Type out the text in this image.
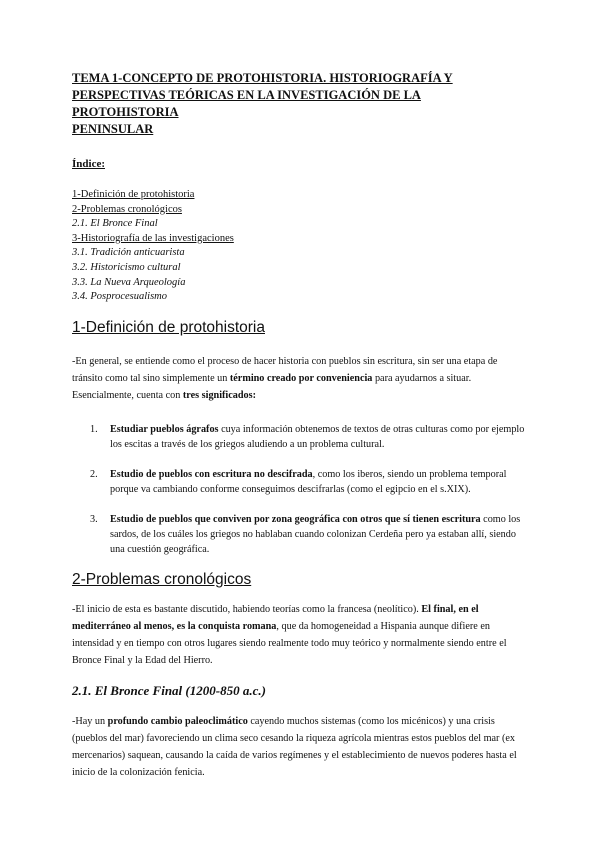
TEMA 1-CONCEPTO DE PROTOHISTORIA. HISTORIOGRAFÍA Y
PERSPECTIVAS TEÓRICAS EN LA INVESTIGACIÓN DE LA PROTOHISTORIA
PENINSULAR
Índice:
1-Definición de protohistoria
2-Problemas cronológicos
2.1. El Bronce Final
3-Historiografía de las investigaciones
3.1. Tradición anticuarista
3.2. Historicismo cultural
3.3. La Nueva Arqueología
3.4. Posprocesualismo
1-Definición de protohistoria
-En general, se entiende como el proceso de hacer historia con pueblos sin escritura, sin ser una etapa de tránsito como tal sino simplemente un término creado por conveniencia para ayudarnos a situar. Esencialmente, cuenta con tres significados:
1. Estudiar pueblos ágrafos cuya información obtenemos de textos de otras culturas como por ejemplo los escitas a través de los griegos aludiendo a un problema cultural.
2. Estudio de pueblos con escritura no descifrada, como los iberos, siendo un problema temporal porque va cambiando conforme conseguimos descifrarlas (como el egipcio en el s.XIX).
3. Estudio de pueblos que conviven por zona geográfica con otros que sí tienen escritura como los sardos, de los cuáles los griegos no hablaban cuando colonizan Cerdeña pero ya estaban allí, siendo una cuestión geográfica.
2-Problemas cronológicos
-El inicio de esta es bastante discutido, habiendo teorías como la francesa (neolítico). El final, en el mediterráneo al menos, es la conquista romana, que da homogeneidad a Hispania aunque difiere en intensidad y en tiempo con otros lugares siendo realmente todo muy teórico y normalmente siendo entre el Bronce Final y la Edad del Hierro.
2.1. El Bronce Final (1200-850 a.c.)
-Hay un profundo cambio paleoclimático cayendo muchos sistemas (como los micénicos) y una crisis (pueblos del mar) favoreciendo un clima seco cesando la riqueza agrícola mientras estos pueblos del mar (ex mercenarios) saquean, causando la caída de varios regímenes y el establecimiento de nuevos poderes hasta el inicio de la colonización fenicia.
